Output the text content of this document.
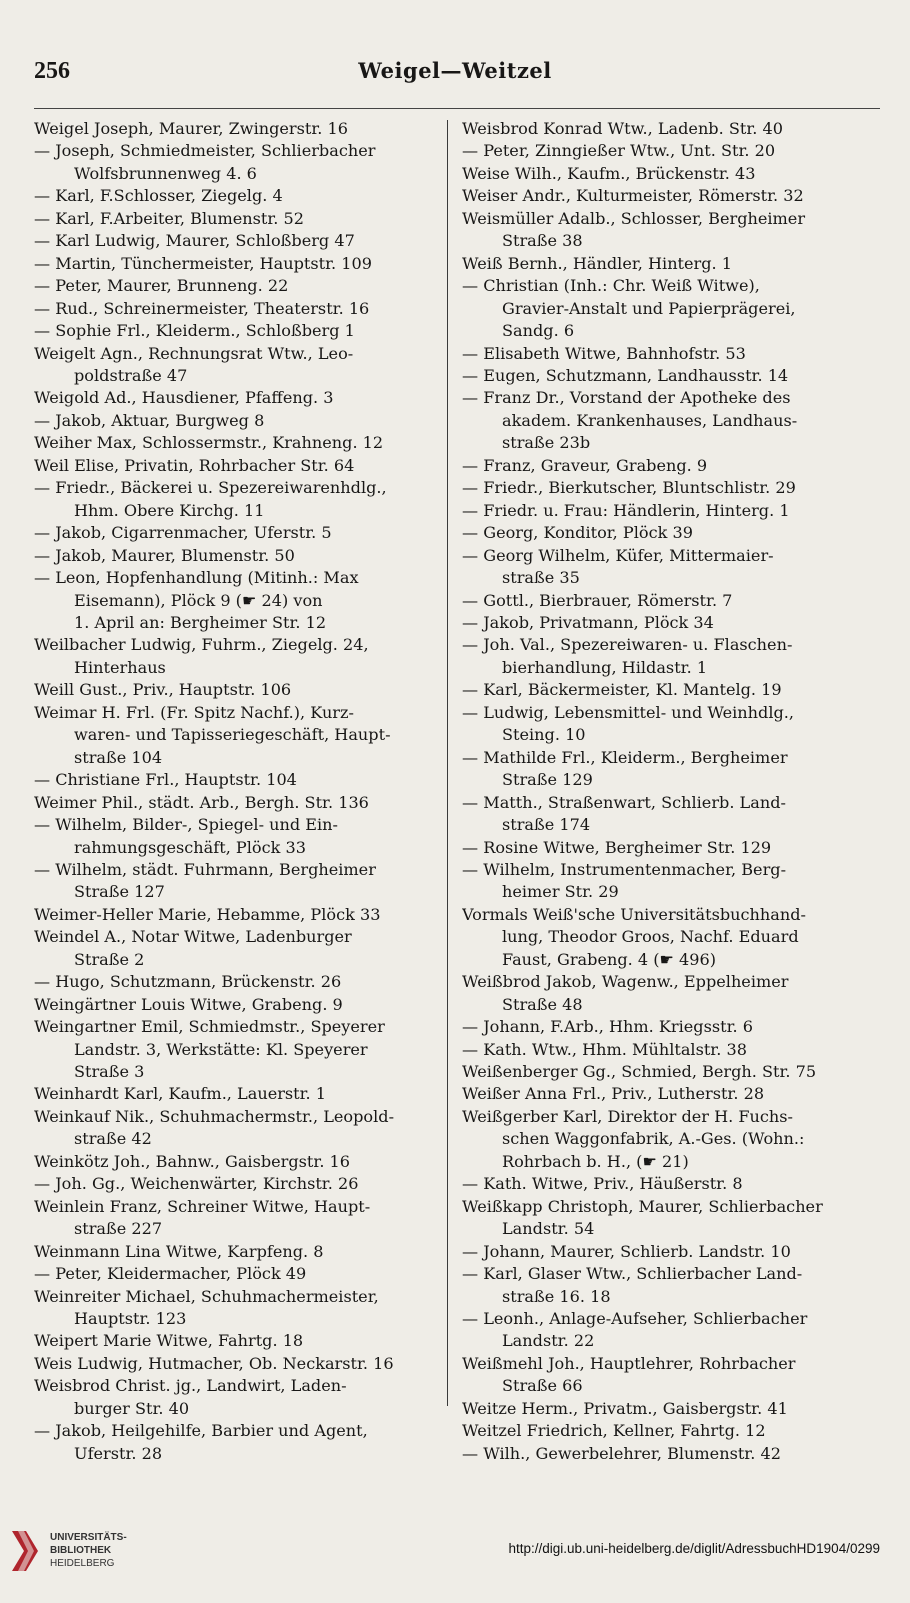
256	Weigel—Weitzel

Weigel Joseph, Maurer, Zwingerstr. 16

— Joseph, Schmiedmeister, Schlierbacher

Wolfsbrunnenweg 4. 6

— Karl, F.Schlosser, Ziegelg. 4

— Karl, F.Arbeiter, Blumenstr. 52

— Karl Ludwig, Maurer, Schloßberg 47

— Martin, Tünchermeister, Hauptstr. 109

— Peter, Maurer, Brunneng. 22

— Rud., Schreinermeister, Theaterstr. 16

— Sophie Frl., Kleiderm., Schloßberg 1

Weigelt Agn., Rechnungsrat Wtw., Leo-

poldstraße 47

Weigold Ad., Hausdiener, Pfaffeng. 3

— Jakob, Aktuar, Burgweg 8

Weiher Max, Schlossermstr., Krahneng. 12

Weil Elise, Privatin, Rohrbacher Str. 64

— Friedr., Bäckerei u. Spezereiwarenhdlg.,

Hhm. Obere Kirchg. 11

— Jakob, Cigarrenmacher, Uferstr. 5

— Jakob, Maurer, Blumenstr. 50

— Leon, Hopfenhandlung (Mitinh.: Max

Eisemann), Plöck 9 (☛ 24) von

1. April an: Bergheimer Str. 12

Weilbacher Ludwig, Fuhrm., Ziegelg. 24,

Hinterhaus

Weill Gust., Priv., Hauptstr. 106

Weimar H. Frl. (Fr. Spitz Nachf.), Kurz-

waren- und Tapisseriegeschäft, Haupt-

straße 104

— Christiane Frl., Hauptstr. 104

Weimer Phil., städt. Arb., Bergh. Str. 136

— Wilhelm, Bilder-, Spiegel- und Ein-

rahmungsgeschäft, Plöck 33

— Wilhelm, städt. Fuhrmann, Bergheimer

Straße 127

Weimer-Heller Marie, Hebamme, Plöck 33

Weindel A., Notar Witwe, Ladenburger

Straße 2

— Hugo, Schutzmann, Brückenstr. 26

Weingärtner Louis Witwe, Grabeng. 9

Weingartner Emil, Schmiedmstr., Speyerer

Landstr. 3, Werkstätte: Kl. Speyerer

Straße 3

Weinhardt Karl, Kaufm., Lauerstr. 1

Weinkauf Nik., Schuhmachermstr., Leopold-

straße 42

Weinkötz Joh., Bahnw., Gaisbergstr. 16

— Joh. Gg., Weichenwärter, Kirchstr. 26

Weinlein Franz, Schreiner Witwe, Haupt-

straße 227

Weinmann Lina Witwe, Karpfeng. 8

— Peter, Kleidermacher, Plöck 49

Weinreiter Michael, Schuhmachermeister,

Hauptstr. 123

Weipert Marie Witwe, Fahrtg. 18

Weis Ludwig, Hutmacher, Ob. Neckarstr. 16

Weisbrod Christ. jg., Landwirt, Laden-

burger Str. 40

— Jakob, Heilgehilfe, Barbier und Agent,

Uferstr. 28

Weisbrod Konrad Wtw., Ladenb. Str. 40

— Peter, Zinngießer Wtw., Unt. Str. 20

Weise Wilh., Kaufm., Brückenstr. 43

Weiser Andr., Kulturmeister, Römerstr. 32

Weismüller Adalb., Schlosser, Bergheimer

Straße 38

Weiß Bernh., Händler, Hinterg. 1

— Christian (Inh.: Chr. Weiß Witwe),

Gravier-Anstalt und Papierprägerei,

Sandg. 6

— Elisabeth Witwe, Bahnhofstr. 53

— Eugen, Schutzmann, Landhausstr. 14

— Franz Dr., Vorstand der Apotheke des

akadem. Krankenhauses, Landhaus-

straße 23b

— Franz, Graveur, Grabeng. 9

— Friedr., Bierkutscher, Bluntschlistr. 29

— Friedr. u. Frau: Händlerin, Hinterg. 1

— Georg, Konditor, Plöck 39

— Georg Wilhelm, Küfer, Mittermaier-

straße 35

— Gottl., Bierbrauer, Römerstr. 7

— Jakob, Privatmann, Plöck 34

— Joh. Val., Spezereiwaren- u. Flaschen-

bierhandlung, Hildastr. 1

— Karl, Bäckermeister, Kl. Mantelg. 19

— Ludwig, Lebensmittel- und Weinhdlg.,

Steing. 10

— Mathilde Frl., Kleiderm., Bergheimer

Straße 129

— Matth., Straßenwart, Schlierb. Land-

straße 174

— Rosine Witwe, Bergheimer Str. 129

— Wilhelm, Instrumentenmacher, Berg-

heimer Str. 29

Vormals Weiß'sche Universitätsbuchhand-

lung, Theodor Groos, Nachf. Eduard

Faust, Grabeng. 4 (☛ 496)

Weißbrod Jakob, Wagenw., Eppelheimer

Straße 48

— Johann, F.Arb., Hhm. Kriegsstr. 6

— Kath. Wtw., Hhm. Mühltalstr. 38

Weißenberger Gg., Schmied, Bergh. Str. 75

Weißer Anna Frl., Priv., Lutherstr. 28

Weißgerber Karl, Direktor der H. Fuchs-

schen Waggonfabrik, A.-Ges. (Wohn.:

Rohrbach b. H., (☛ 21)

— Kath. Witwe, Priv., Häußerstr. 8

Weißkapp Christoph, Maurer, Schlierbacher

Landstr. 54

— Johann, Maurer, Schlierb. Landstr. 10

— Karl, Glaser Wtw., Schlierbacher Land-

straße 16. 18

— Leonh., Anlage-Aufseher, Schlierbacher

Landstr. 22

Weißmehl Joh., Hauptlehrer, Rohrbacher

Straße 66

Weitze Herm., Privatm., Gaisbergstr. 41

Weitzel Friedrich, Kellner, Fahrtg. 12

— Wilh., Gewerbelehrer, Blumenstr. 42

UNIVERSITÄTS-
BIBLIOTHEK
HEIDELBERG
http://digi.ub.uni-heidelberg.de/diglit/AdressbuchHD1904/0299
